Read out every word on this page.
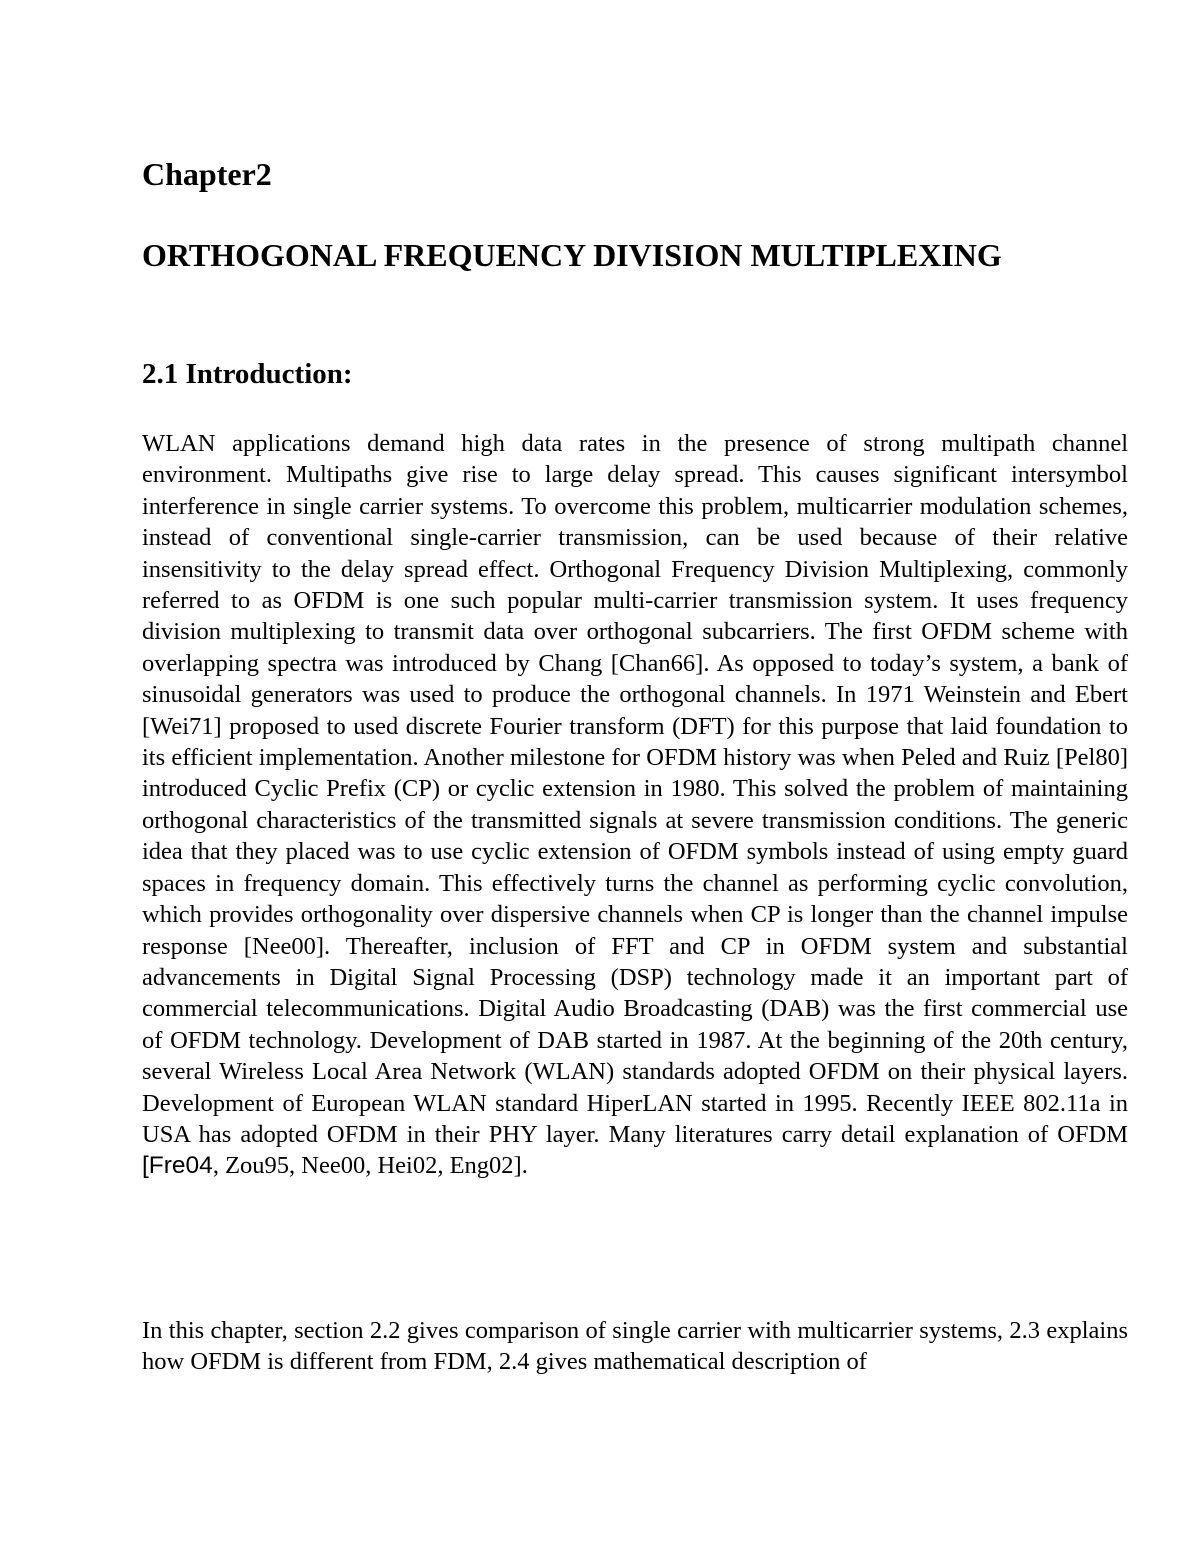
Chapter2
ORTHOGONAL FREQUENCY DIVISION MULTIPLEXING
2.1 Introduction:

WLAN applications demand high data rates in the presence of strong multipath channel environment. Multipaths give rise to large delay spread. This causes significant intersymbol interference in single carrier systems. To overcome this problem, multicarrier modulation schemes, instead of conventional single-carrier transmission, can be used because of their relative insensitivity to the delay spread effect. Orthogonal Frequency Division Multiplexing, commonly referred to as OFDM is one such popular multi-carrier transmission system. It uses frequency division multiplexing to transmit data over orthogonal subcarriers. The first OFDM scheme with overlapping spectra was introduced by Chang [Chan66]. As opposed to today’s system, a bank of sinusoidal generators was used to produce the orthogonal channels. In 1971 Weinstein and Ebert [Wei71] proposed to used discrete Fourier transform (DFT) for this purpose that laid foundation to its efficient implementation. Another milestone for OFDM history was when Peled and Ruiz [Pel80] introduced Cyclic Prefix (CP) or cyclic extension in 1980. This solved the problem of maintaining orthogonal characteristics of the transmitted signals at severe transmission conditions. The generic idea that they placed was to use cyclic extension of OFDM symbols instead of using empty guard spaces in frequency domain. This effectively turns the channel as performing cyclic convolution, which provides orthogonality over dispersive channels when CP is longer than the channel impulse response [Nee00]. Thereafter, inclusion of FFT and CP in OFDM system and substantial advancements in Digital Signal Processing (DSP) technology made it an important part of commercial telecommunications. Digital Audio Broadcasting (DAB) was the first commercial use of OFDM technology. Development of DAB started in 1987. At the beginning of the 20th century, several Wireless Local Area Network (WLAN) standards adopted OFDM on their physical layers. Development of European WLAN standard HiperLAN started in 1995. Recently IEEE 802.11a in USA has adopted OFDM in their PHY layer. Many literatures carry detail explanation of OFDM [Fre04, Zou95, Nee00, Hei02, Eng02].

In this chapter, section 2.2 gives comparison of single carrier with multicarrier systems, 2.3 explains how OFDM is different from FDM, 2.4 gives mathematical description of
